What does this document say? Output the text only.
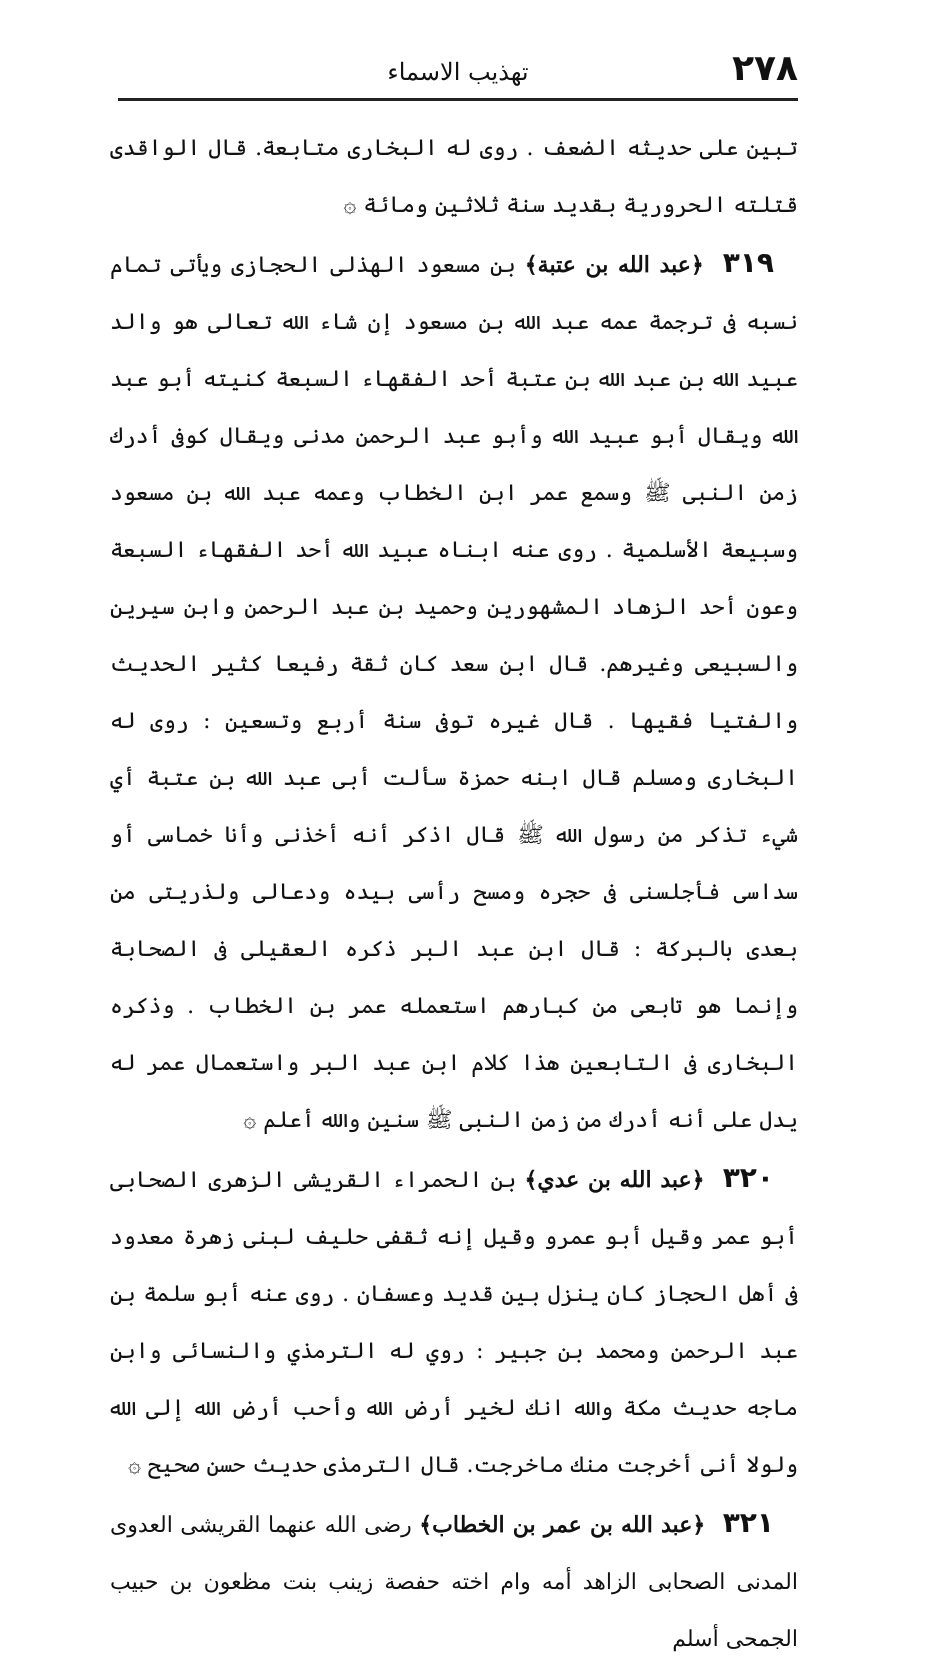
٢٧٨
تهذيب الاسماء

تبين على حديثه الضعف . روى له البخارى متابعة. قال الواقدى قتلته الحرورية بقديد سنة ثلاثين ومائة ۞

٣١٩ ﴿عبد الله بن عتبة﴾ بن مسعود الهذلى الحجازى ويأتى تمام نسبه فى ترجمة عمه عبد الله بن مسعود إن شاء الله تعالى هو والد عبيد الله بن عبد الله بن عتبة أحد الفقهاء السبعة كنيته أبو عبد الله ويقال أبو عبيد الله وأبو عبد الرحمن مدنى ويقال كوفى أدرك زمن النبى ﷺ وسمع عمر ابن الخطاب وعمه عبد الله بن مسعود وسبيعة الأسلمية . روى عنه ابناه عبيد الله أحد الفقهاء السبعة وعون أحد الزهاد المشهورين وحميد بن عبد الرحمن وابن سيرين والسبيعى وغيرهم. قال ابن سعد كان ثقة رفيعا كثير الحديث والفتيا فقيها . قال غيره توفى سنة أربع وتسعين : روى له البخارى ومسلم قال ابنه حمزة سألت أبى عبد الله بن عتبة أي شيء تذكر من رسول الله ﷺ قال اذكر أنه أخذنى وأنا خماسى أو سداسى فأجلسنى فى حجره ومسح رأسى بيده ودعالى ولذريتى من بعدى بالبركة : قال ابن عبد البر ذكره العقيلى فى الصحابة وإنما هو تابعى من كبارهم استعمله عمر بن الخطاب . وذكره البخارى فى التابعين هذا كلام ابن عبد البر واستعمال عمر له يدل على أنه أدرك من زمن النبى ﷺ سنين والله أعلم ۞

٣٢٠ ﴿عبد الله بن عدي﴾ بن الحمراء القريشى الزهرى الصحابى أبو عمر وقيل أبو عمرو وقيل إنه ثقفى حليف لبنى زهرة معدود فى أهل الحجاز كان ينزل بين قديد وعسفان . روى عنه أبو سلمة بن عبد الرحمن ومحمد بن جبير : روي له الترمذي والنسائى وابن ماجه حديث مكة والله انك لخير أرض الله وأحب أرض الله إلى الله ولولا أنى أخرجت منك ماخرجت. قال الترمذى حديث حسن صحيح ۞

٣٢١ ﴿عبد الله بن عمر بن الخطاب﴾ رضى الله عنهما القريشى العدوى المدنى الصحابى الزاهد أمه وام اخته حفصة زينب بنت مظعون بن حبيب الجمحى أسلم
